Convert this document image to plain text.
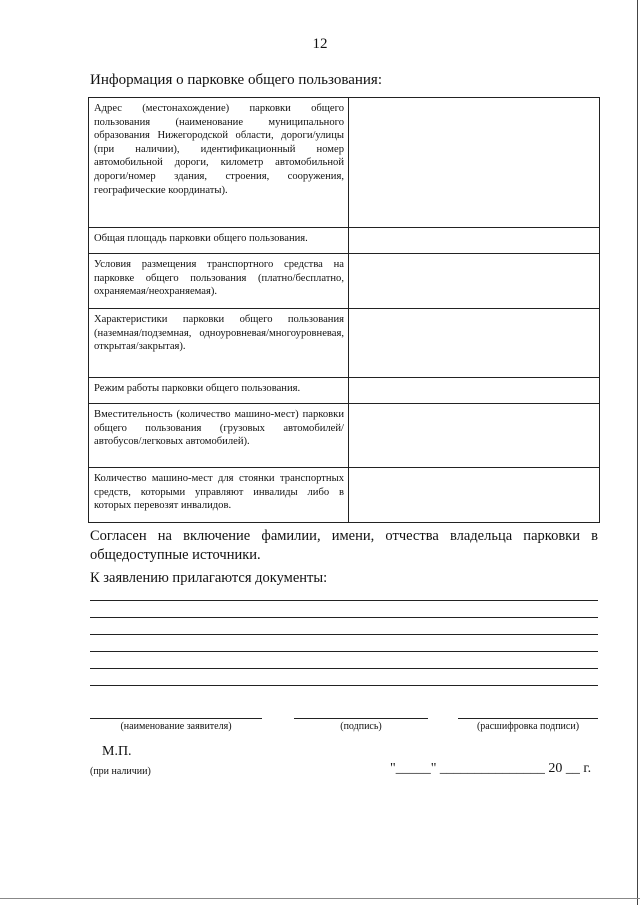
12
Информация о парковке общего пользования:
Адрес (местонахождение) парковки общего пользования (наименование муниципального образования Нижегородской области, дороги/улицы (при наличии), идентификационный номер автомобильной дороги, километр автомобильной дороги/номер здания, строения, сооружения, географические координаты).	
Общая площадь парковки общего пользования.	
Условия размещения транспортного средства на парковке общего пользования (платно/бесплатно, охраняемая/неохраняемая).	
Характеристики парковки общего пользования (наземная/подземная, одноуровневая/многоуровневая, открытая/закрытая).	
Режим работы парковки общего пользования.	
Вместительность (количество машино-мест) парковки общего пользования (грузовых автомобилей/автобусов/легковых автомобилей).	
Количество машино-мест для стоянки транспортных средств, которыми управляют инвалиды либо в которых перевозят инвалидов.	
Согласен на включение фамилии, имени, отчества владельца парковки в общедоступные источники.
К заявлению прилагаются документы:
(наименование заявителя)	(подпись)	(расшифровка подписи)
М.П.
(при наличии)	"_____" _______________ 20 __ г.
